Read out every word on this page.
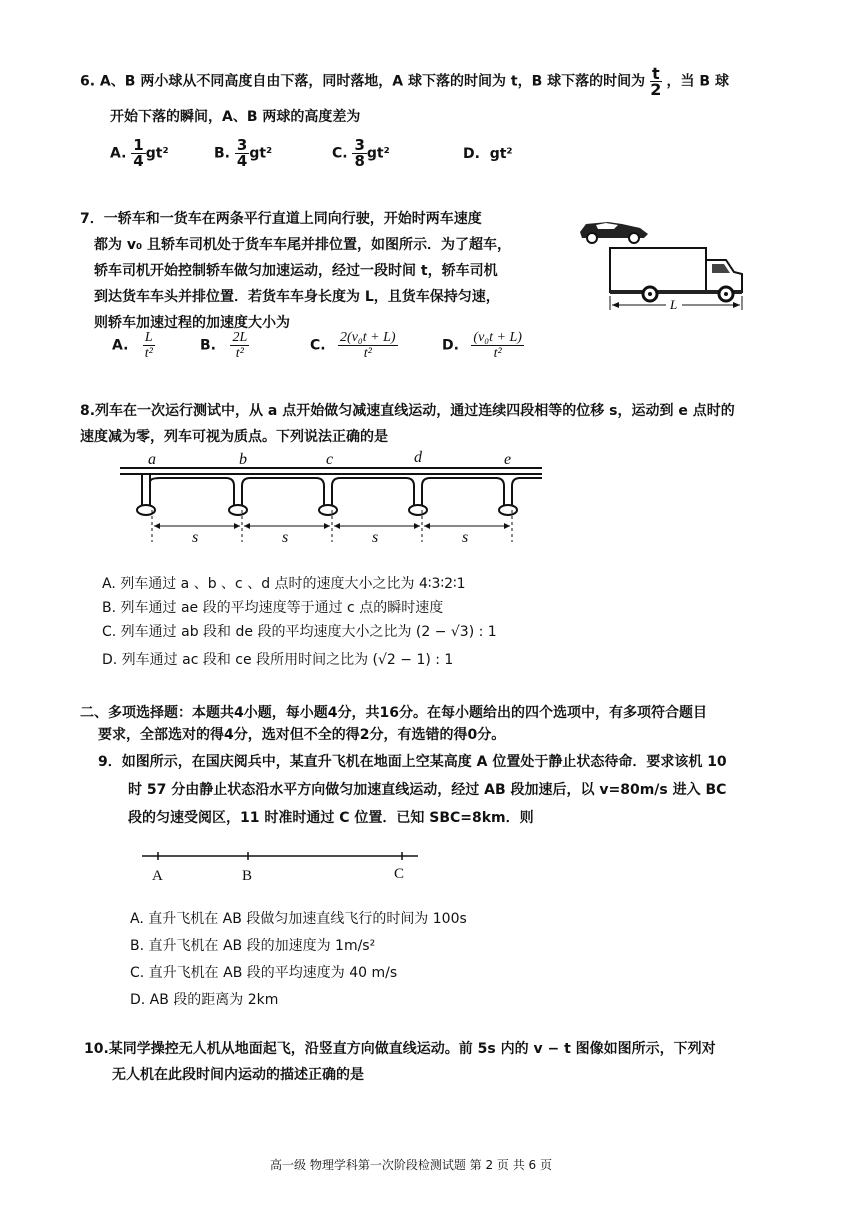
6. A、B 两小球从不同高度自由下落，同时落地，A 球下落的时间为 t，B 球下落的时间为 $\frac{t}{2}$ ，当 B 球
开始下落的瞬间，A、B 两球的高度差为
A. $\frac{1}{4} gt^2$	B. $\frac{3}{4} gt^2$	C. $\frac{3}{8} gt^2$	D. gt²
7．一轿车和一货车在两条平行直道上同向行驶，开始时两车速度
都为 v₀ 且轿车司机处于货车车尾并排位置，如图所示．为了超车，
轿车司机开始控制轿车做匀加速运动，经过一段时间 t，轿车司机
到达货车车头并排位置．若货车车身长度为 L，且货车保持匀速，
则轿车加速过程的加速度大小为
L
A. $\frac{L}{\text{t²}}$	B. $\frac{2L}{\text{t²}}$	C. $\frac{\text{2(v₀t + L)}}{\text{t²}}$	D. $\frac{\text{(v₀t + L)}}{\text{t²}}$
8.列车在一次运行测试中，从 a 点开始做匀减速直线运动，通过连续四段相等的位移 s，运动到 e 点时的
速度减为零，列车可视为质点。下列说法正确的是
a	b	c	d	e
s	s	s	s
A. 列车通过 a 、b 、c 、d 点时的速度大小之比为 4∶3∶2∶1
B. 列车通过 ae 段的平均速度等于通过 c 点的瞬时速度
C. 列车通过 ab 段和 de 段的平均速度大小之比为 (2 − √3) : 1
D. 列车通过 ac 段和 ce 段所用时间之比为 (√2 − 1) : 1
二、多项选择题：本题共4小题，每小题4分，共16分。在每小题给出的四个选项中，有多项符合题目
要求，全部选对的得4分，选对但不全的得2分，有选错的得0分。
9．如图所示，在国庆阅兵中，某直升飞机在地面上空某高度 A 位置处于静止状态待命．要求该机 10
时 57 分由静止状态沿水平方向做匀加速直线运动，经过 AB 段加速后，以 v=80m/s 进入 BC
段的匀速受阅区，11 时准时通过 C 位置．已知 SBC=8km．则
A	B	C
A. 直升飞机在 AB 段做匀加速直线飞行的时间为 100s
B. 直升飞机在 AB 段的加速度为 1m/s²
C. 直升飞机在 AB 段的平均速度为 40 m/s
D. AB 段的距离为 2km
10.某同学操控无人机从地面起飞，沿竖直方向做直线运动。前 5s 内的 v − t 图像如图所示，下列对
无人机在此段时间内运动的描述正确的是
高一级 物理学科第一次阶段检测试题 第 2 页 共 6 页
